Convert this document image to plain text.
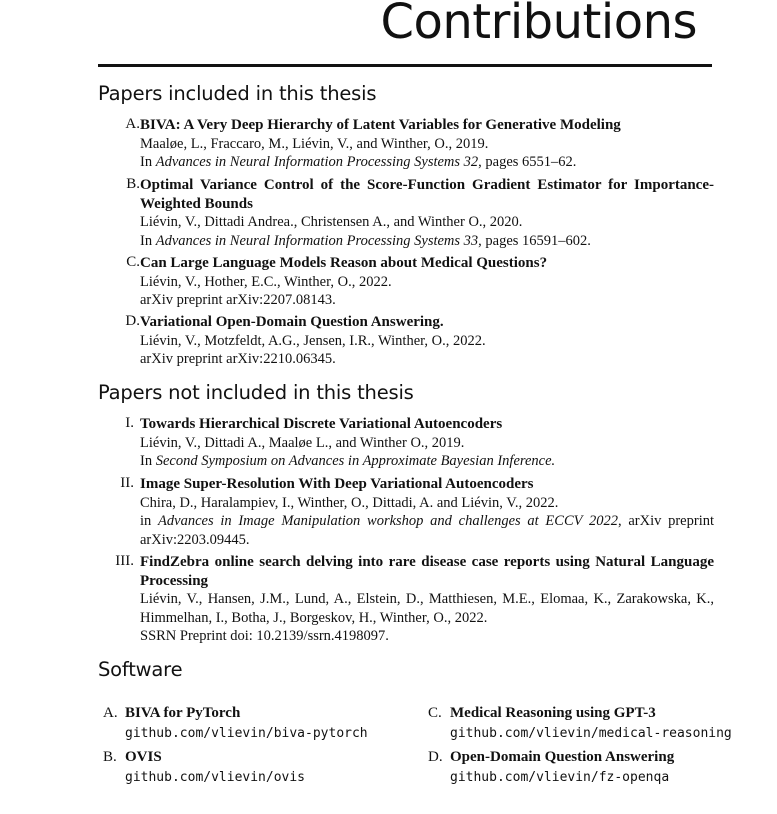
Contributions
Papers included in this thesis
A. BIVA: A Very Deep Hierarchy of Latent Variables for Generative Modeling
Maaløe, L., Fraccaro, M., Liévin, V., and Winther, O., 2019.
In Advances in Neural Information Processing Systems 32, pages 6551–62.
B. Optimal Variance Control of the Score-Function Gradient Estimator for Importance-Weighted Bounds
Liévin, V., Dittadi Andrea., Christensen A., and Winther O., 2020.
In Advances in Neural Information Processing Systems 33, pages 16591–602.
C. Can Large Language Models Reason about Medical Questions?
Liévin, V., Hother, E.C., Winther, O., 2022.
arXiv preprint arXiv:2207.08143.
D. Variational Open-Domain Question Answering.
Liévin, V., Motzfeldt, A.G., Jensen, I.R., Winther, O., 2022.
arXiv preprint arXiv:2210.06345.
Papers not included in this thesis
I. Towards Hierarchical Discrete Variational Autoencoders
Liévin, V., Dittadi A., Maaløe L., and Winther O., 2019.
In Second Symposium on Advances in Approximate Bayesian Inference.
II. Image Super-Resolution With Deep Variational Autoencoders
Chira, D., Haralampiev, I., Winther, O., Dittadi, A. and Liévin, V., 2022.
in Advances in Image Manipulation workshop and challenges at ECCV 2022, arXiv preprint arXiv:2203.09445.
III. FindZebra online search delving into rare disease case reports using Natural Language Processing
Liévin, V., Hansen, J.M., Lund, A., Elstein, D., Matthiesen, M.E., Elomaa, K., Zarakowska, K., Himmelhan, I., Botha, J., Borgeskov, H., Winther, O., 2022.
SSRN Preprint doi: 10.2139/ssrn.4198097.
Software
A. BIVA for PyTorch
github.com/vlievin/biva-pytorch
B. OVIS
github.com/vlievin/ovis
C. Medical Reasoning using GPT-3
github.com/vlievin/medical-reasoning
D. Open-Domain Question Answering
github.com/vlievin/fz-openqa
